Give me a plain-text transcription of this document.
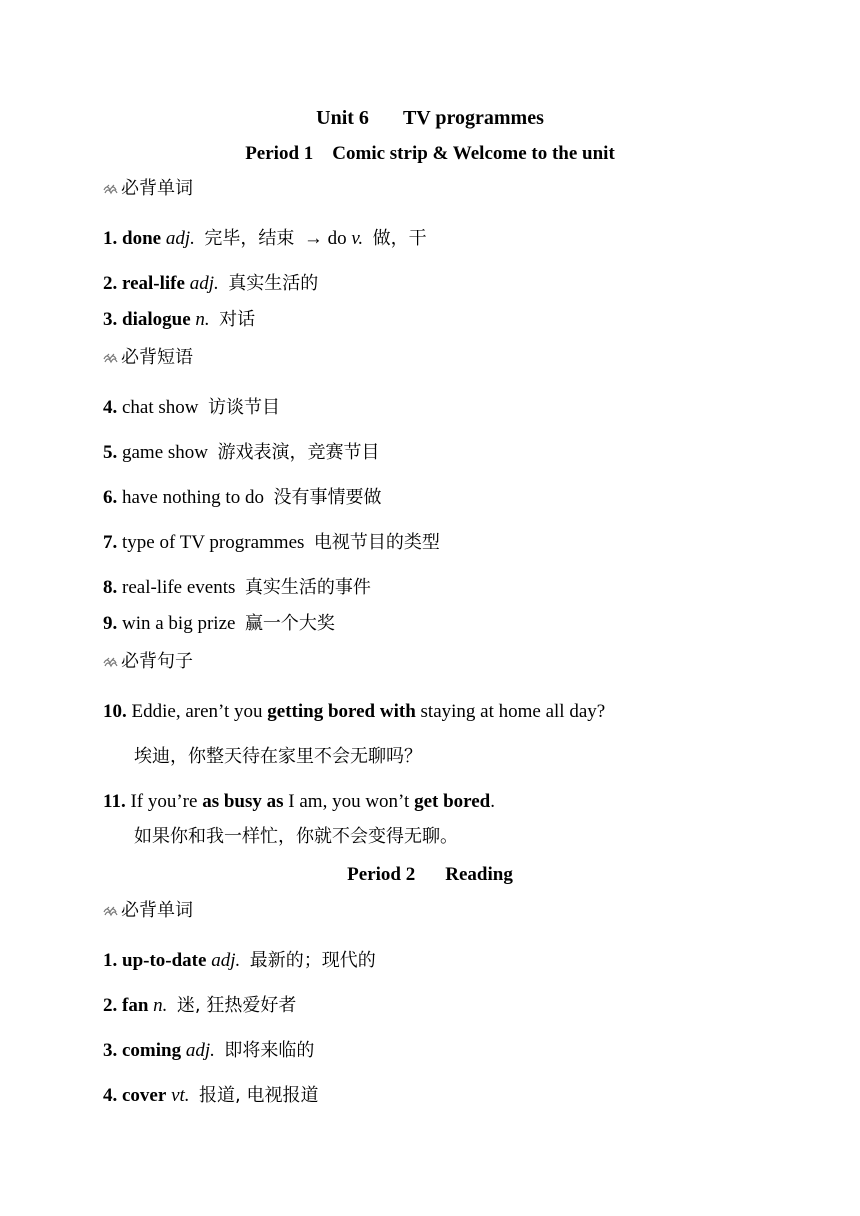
Unit 6 TV programmes
Period 1 Comic strip & Welcome to the unit
必背单词
1. done adj. 完毕，结束 → do v. 做，干
2. real-life adj. 真实生活的
3. dialogue n. 对话
必背短语
4. chat show 访谈节目
5. game show 游戏表演，竞赛节目
6. have nothing to do 没有事情要做
7. type of TV programmes 电视节目的类型
8. real-life events 真实生活的事件
9. win a big prize 赢一个大奖
必背句子
10. Eddie, aren’t you getting bored with staying at home all day?
埃迪，你整天待在家里不会无聊吗？
11. If you’re as busy as I am, you won’t get bored.
如果你和我一样忙，你就不会变得无聊。
Period 2 Reading
必背单词
1. up-to-date adj. 最新的；现代的
2. fan n. 迷, 狂热爱好者
3. coming adj. 即将来临的
4. cover vt. 报道, 电视报道
